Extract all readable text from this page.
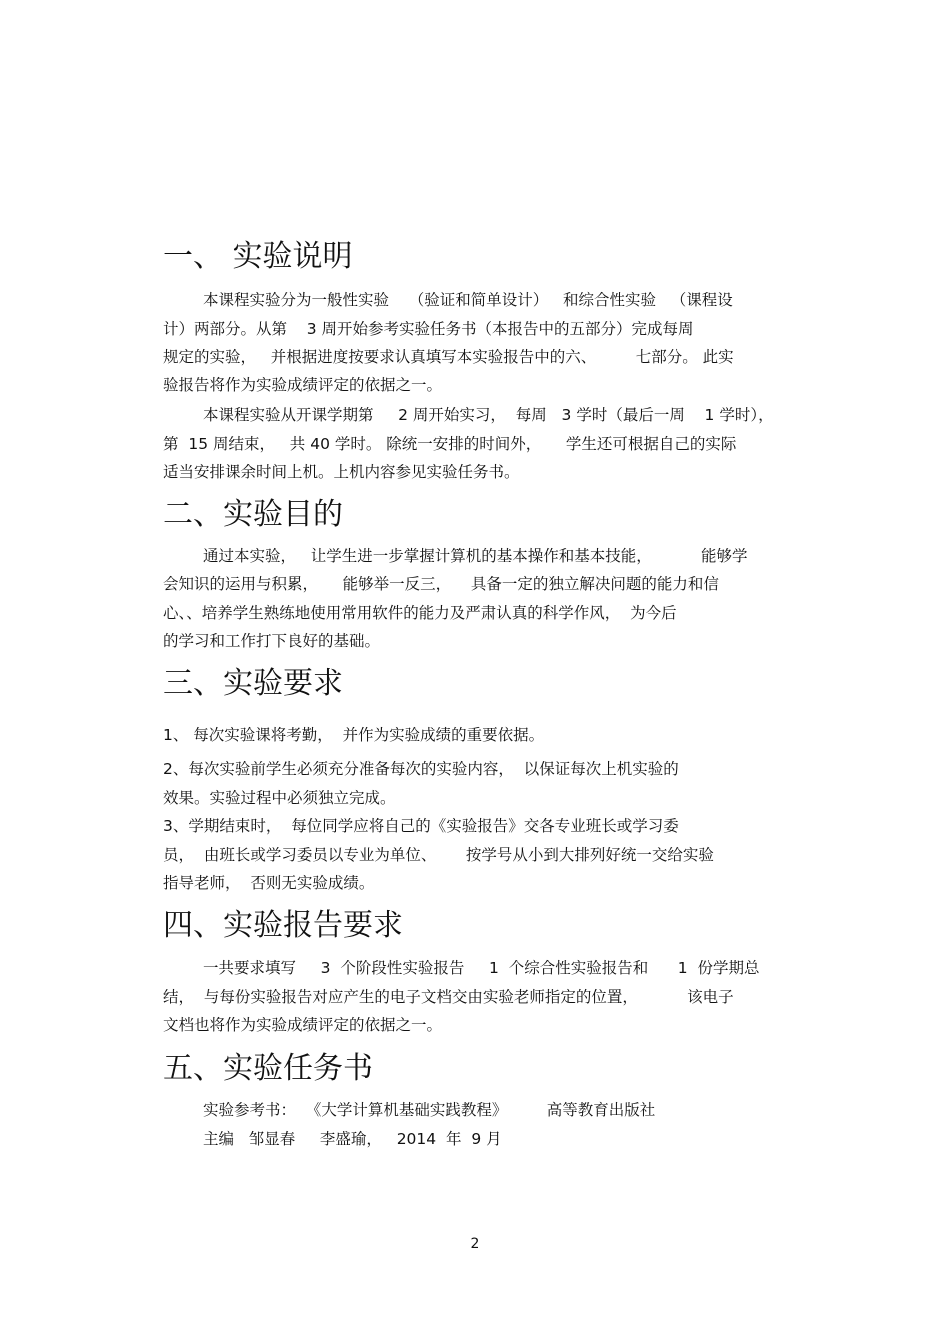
一、 实验说明
本课程实验分为一般性实验    （验证和简单设计）   和综合性实验   （课程设
计）两部分。从第    3 周开始参考实验任务书（本报告中的五部分）完成每周
规定的实验，   并根据进度按要求认真填写本实验报告中的六、        七部分。 此实
验报告将作为实验成绩评定的依据之一。
本课程实验从开课学期第     2 周开始实习，  每周   3 学时（最后一周    1 学时），
第  15 周结束，   共 40 学时。 除统一安排的时间外，     学生还可根据自己的实际
适当安排课余时间上机。上机内容参见实验任务书。
二、实验目的
通过本实验，   让学生进一步掌握计算机的基本操作和基本技能，          能够学
会知识的运用与积累，     能够举一反三，    具备一定的独立解决问题的能力和信
心、、培养学生熟练地使用常用软件的能力及严肃认真的科学作风，  为今后
的学习和工作打下良好的基础。
三、实验要求
1、 每次实验课将考勤，  并作为实验成绩的重要依据。
2、每次实验前学生必须充分准备每次的实验内容，  以保证每次上机实验的
效果。实验过程中必须独立完成。
3、学期结束时，  每位同学应将自己的《实验报告》交各专业班长或学习委
员，  由班长或学习委员以专业为单位、      按学号从小到大排列好统一交给实验
指导老师，  否则无实验成绩。
四、实验报告要求
一共要求填写     3  个阶段性实验报告     1  个综合性实验报告和      1  份学期总
结，  与每份实验报告对应产生的电子文档交由实验老师指定的位置，          该电子
文档也将作为实验成绩评定的依据之一。
五、实验任务书
实验参考书：  《大学计算机基础实践教程》        高等教育出版社
主编   邹显春     李盛瑜，   2014  年  9 月
2
